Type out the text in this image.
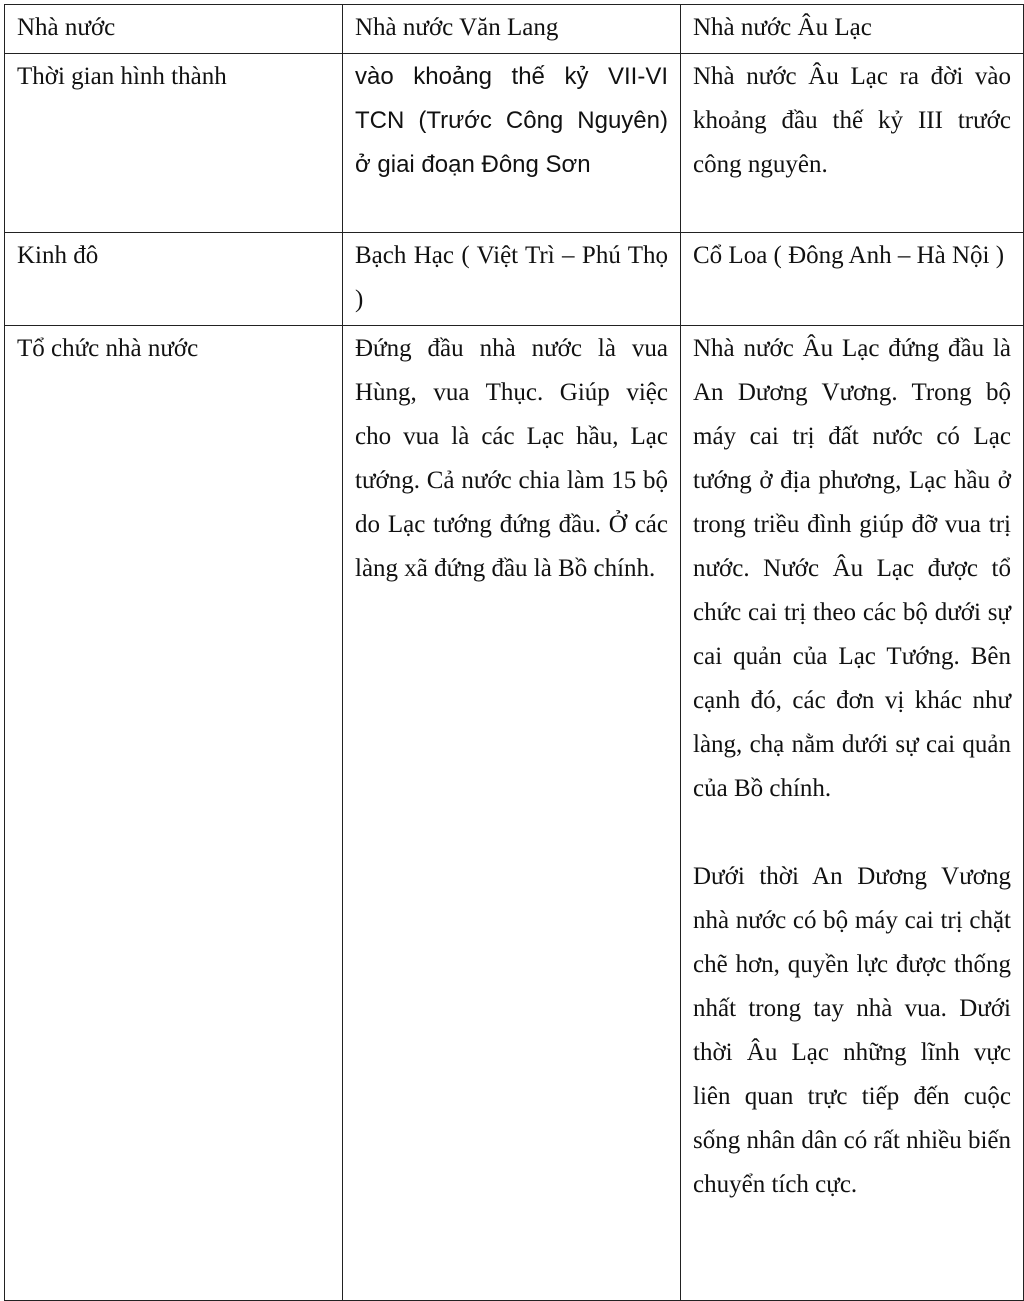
Nhà nước	Nhà nước Văn Lang	Nhà nước Âu Lạc
Thời gian hình thành	vào khoảng thế kỷ VII-VI TCN (Trước Công Nguyên) ở giai đoạn Đông Sơn	Nhà nước Âu Lạc ra đời vào khoảng đầu thế kỷ III trước công nguyên.
Kinh đô	Bạch Hạc ( Việt Trì – Phú Thọ )	Cổ Loa ( Đông Anh – Hà Nội )
Tổ chức nhà nước	Đứng đầu nhà nước là vua Hùng, vua Thục. Giúp việc cho vua là các Lạc hầu, Lạc tướng. Cả nước chia làm 15 bộ do Lạc tướng đứng đầu. Ở các làng xã đứng đầu là Bồ chính.	Nhà nước Âu Lạc đứng đầu là An Dương Vương. Trong bộ máy cai trị đất nước có Lạc tướng ở địa phương, Lạc hầu ở trong triều đình giúp đỡ vua trị nước. Nước Âu Lạc được tổ chức cai trị theo các bộ dưới sự cai quản của Lạc Tướng. Bên cạnh đó, các đơn vị khác như làng, chạ nằm dưới sự cai quản của Bồ chính.
Dưới thời An Dương Vương nhà nước có bộ máy cai trị chặt chẽ hơn, quyền lực được thống nhất trong tay nhà vua. Dưới thời Âu Lạc những lĩnh vực liên quan trực tiếp đến cuộc sống nhân dân có rất nhiều biến chuyển tích cực.
